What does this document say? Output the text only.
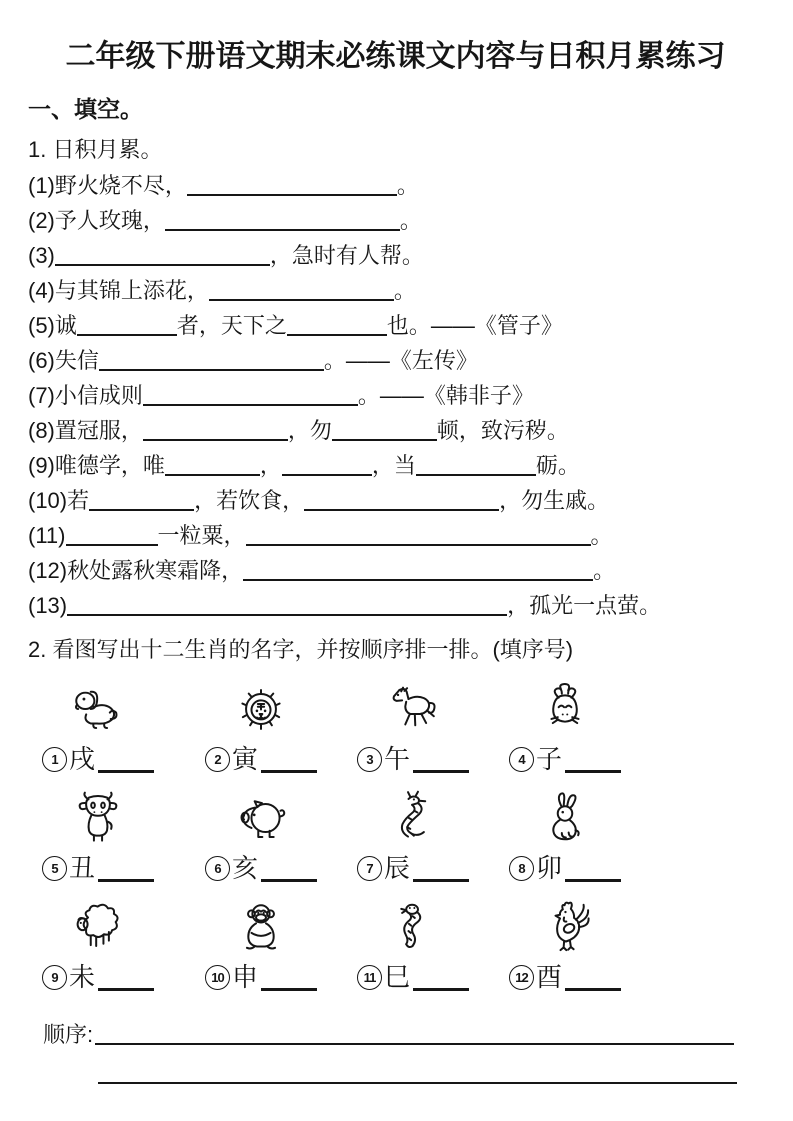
二年级下册语文期末必练课文内容与日积月累练习
一、填空。
1. 日积月累。
(1)野火烧不尽，	。
(2)予人玫瑰，	。
(3)	，急时有人帮。
(4)与其锦上添花，	。
(5)诚	者，天下之	也。——《管子》
(6)失信	。——《左传》
(7)小信成则	。——《韩非子》
(8)置冠服，	，勿	顿，致污秽。
(9)唯德学，唯	，	，当	砺。
(10)若	，若饮食，	，勿生戚。
(11)	一粒粟，	。
(12)秋处露秋寒霜降，	。
(13)	，孤光一点萤。
2. 看图写出十二生肖的名字，并按顺序排一排。(填序号)
1 戌	2 寅	3 午	4 子
5 丑	6 亥	7 辰	8 卯
9 未	10 申	11 巳	12 酉
顺序:
